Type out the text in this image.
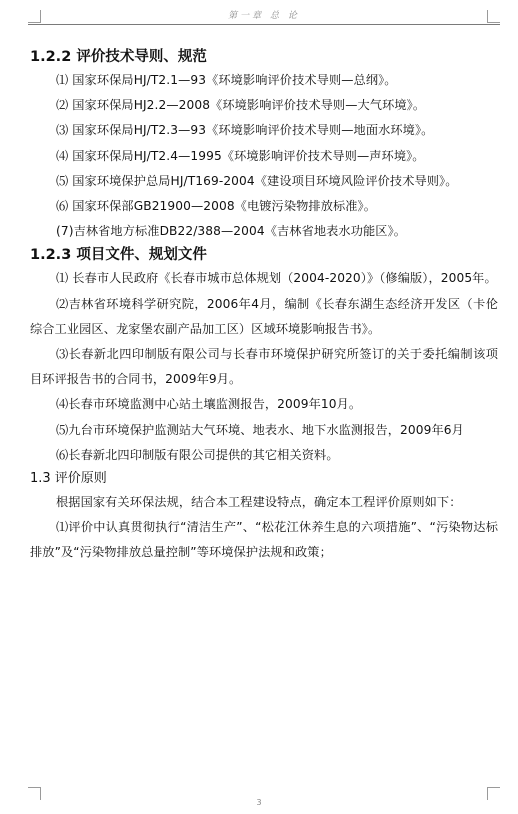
第一章 总 论
1.2.2 评价技术导则、规范

⑴ 国家环保局HJ/T2.1—93《环境影响评价技术导则—总纲》。

⑵ 国家环保局HJ2.2—2008《环境影响评价技术导则—大气环境》。

⑶ 国家环保局HJ/T2.3—93《环境影响评价技术导则—地面水环境》。

⑷ 国家环保局HJ/T2.4—1995《环境影响评价技术导则—声环境》。

⑸ 国家环境保护总局HJ/T169-2004《建设项目环境风险评价技术导则》。

⑹ 国家环保部GB21900—2008《电镀污染物排放标准》。

(7)吉林省地方标准DB22/388—2004《吉林省地表水功能区》。

1.2.3 项目文件、规划文件

⑴ 长春市人民政府《长春市城市总体规划（2004-2020）》（修编版），2005年。

⑵吉林省环境科学研究院，2006年4月，编制《长春东湖生态经济开发区（卡伦综合工业园区、龙家堡农副产品加工区）区域环境影响报告书》。

⑶长春新北四印制版有限公司与长春市环境保护研究所签订的关于委托编制该项目环评报告书的合同书，2009年9月。

⑷长春市环境监测中心站土壤监测报告，2009年10月。

⑸九台市环境保护监测站大气环境、地表水、地下水监测报告，2009年6月

⑹长春新北四印制版有限公司提供的其它相关资料。

1.3 评价原则

根据国家有关环保法规，结合本工程建设特点，确定本工程评价原则如下：

⑴评价中认真贯彻执行“清洁生产”、“松花江休养生息的六项措施”、“污染物达标排放”及“污染物排放总量控制”等环境保护法规和政策；

3
